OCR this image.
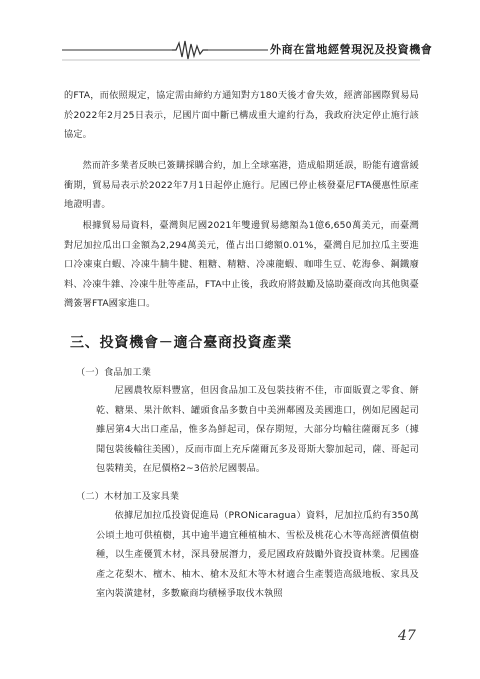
外商在當地經營現況及投資機會

的FTA，而依照規定，協定需由締約方通知對方180天後才會失效，經濟部國際貿易局於2022年2月25日表示，尼國片面中斷已構成重大違約行為，我政府決定停止施行該協定。

然而許多業者反映已簽購採購合約，加上全球塞港，造成船期延誤，盼能有適當緩衝期，貿易局表示於2022年7月1日起停止施行。尼國已停止核發臺尼FTA優惠性原產地證明書。

根據貿易局資料，臺灣與尼國2021年雙邊貿易總額為1億6,650萬美元，而臺灣對尼加拉瓜出口金額為2,294萬美元，僅占出口總額0.01%，臺灣自尼加拉瓜主要進口冷凍東白蝦、冷凍牛腩牛腱、粗糖、精糖、冷凍龍蝦、咖啡生豆、乾海參、鋼鐵廢料、冷凍牛雜、冷凍牛肚等產品，FTA中止後，我政府將鼓勵及協助臺商改向其他與臺灣簽署FTA國家進口。

三、投資機會－適合臺商投資產業

（一）食品加工業

尼國農牧原料豐富，但因食品加工及包裝技術不佳，市面販賣之零食、餅乾、糖果、果汁飲料、罐頭食品多數自中美洲鄰國及美國進口，例如尼國起司雖居第4大出口產品，惟多為鮮起司，保存期短，大部分均輸往薩爾瓦多（據聞包裝後輸往美國），反而市面上充斥薩爾瓦多及哥斯大黎加起司，薩、哥起司包裝精美，在尼價格2~3倍於尼國製品。

（二）木材加工及家具業

依據尼加拉瓜投資促進局（PRONicaragua）資料，尼加拉瓜約有350萬公頃土地可供植樹，其中逾半適宜種植柚木、雪松及桃花心木等高經濟價值樹種，以生產優質木材，深具發展潛力，爰尼國政府鼓勵外資投資林業。尼國盛產之花梨木、檀木、柚木、槍木及紅木等木材適合生產製造高級地板、家具及室內裝潢建材，多數廠商均積極爭取伐木執照

47
